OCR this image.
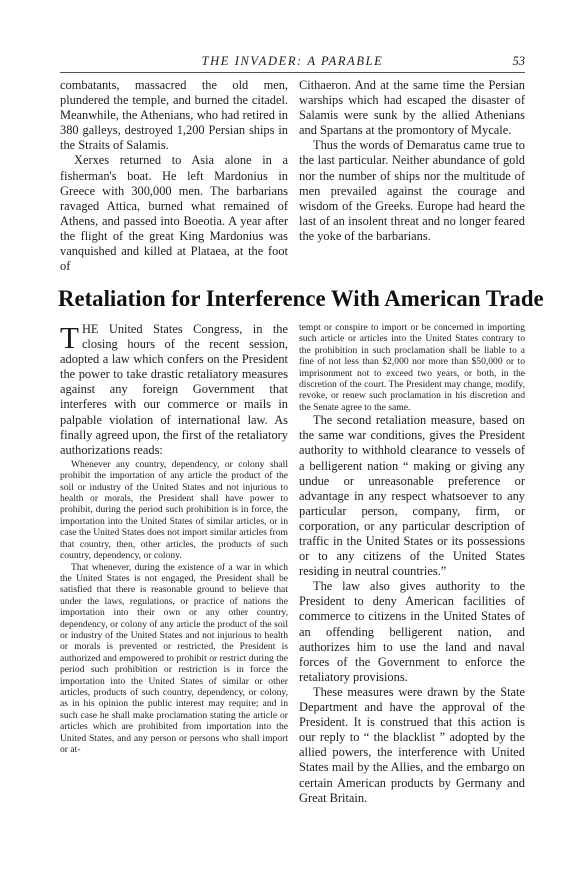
THE INVADER: A PARABLE	53

combatants, massacred the old men, plundered the temple, and burned the citadel. Meanwhile, the Athenians, who had retired in 380 galleys, destroyed 1,200 Persian ships in the Straits of Salamis.

Xerxes returned to Asia alone in a fisherman's boat. He left Mardonius in Greece with 300,000 men. The barbarians ravaged Attica, burned what remained of Athens, and passed into Boeotia. A year after the flight of the great King Mardonius was vanquished and killed at Plataea, at the foot of

Cithaeron. And at the same time the Persian warships which had escaped the disaster of Salamis were sunk by the allied Athenians and Spartans at the promontory of Mycale.

Thus the words of Demaratus came true to the last particular. Neither abundance of gold nor the number of ships nor the multitude of men prevailed against the courage and wisdom of the Greeks. Europe had heard the last of an insolent threat and no longer feared the yoke of the barbarians.

Retaliation for Interference With American Trade

THE United States Congress, in the closing hours of the recent session, adopted a law which confers on the President the power to take drastic retaliatory measures against any foreign Government that interferes with our commerce or mails in palpable violation of international law. As finally agreed upon, the first of the retaliatory authorizations reads:

Whenever any country, dependency, or colony shall prohibit the importation of any article the product of the soil or industry of the United States and not injurious to health or morals, the President shall have power to prohibit, during the period such prohibition is in force, the importation into the United States of similar articles, or in case the United States does not import similar articles from that country, then, other articles, the products of such country, dependency, or colony.

That whenever, during the existence of a war in which the United States is not engaged, the President shall be satisfied that there is reasonable ground to believe that under the laws, regulations, or practice of nations the importation into their own or any other country, dependency, or colony of any article the product of the soil or industry of the United States and not injurious to health or morals is prevented or restricted, the President is authorized and empowered to prohibit or restrict during the period such prohibition or restriction is in force the importation into the United States of similar or other articles, products of such country, dependency, or colony, as in his opinion the public interest may require; and in such case he shall make proclamation stating the article or articles which are prohibited from importation into the United States, and any person or persons who shall import or at-

tempt or conspire to import or be concerned in importing such article or articles into the United States contrary to the prohibition in such proclamation shall be liable to a fine of not less than $2,000 nor more than $50,000 or to imprisonment not to exceed two years, or both, in the discretion of the court. The President may change, modify, revoke, or renew such proclamation in his discretion and the Senate agree to the same.

The second retaliation measure, based on the same war conditions, gives the President authority to withhold clearance to vessels of a belligerent nation “ making or giving any undue or unreasonable preference or advantage in any respect whatsoever to any particular person, company, firm, or corporation, or any particular description of traffic in the United States or its possessions or to any citizens of the United States residing in neutral countries.”

The law also gives authority to the President to deny American facilities of commerce to citizens in the United States of an offending belligerent nation, and authorizes him to use the land and naval forces of the Government to enforce the retaliatory provisions.

These measures were drawn by the State Department and have the approval of the President. It is construed that this action is our reply to “ the blacklist ” adopted by the allied powers, the interference with United States mail by the Allies, and the embargo on certain American products by Germany and Great Britain.
